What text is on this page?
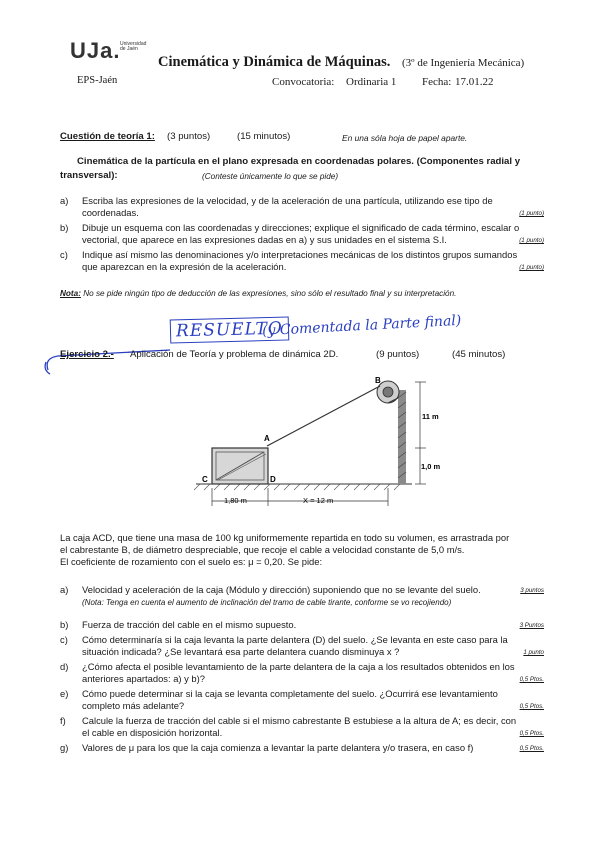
UJa. Universidad
de Jaén
EPS-Jaén
Cinemática y Dinámica de Máquinas. (3º de Ingeniería Mecánica)
Convocatoria: Ordinaria 1 Fecha: 17.01.22
Cuestión de teoría 1: (3 puntos)	(15 minutos)	En una sóla hoja de papel aparte.
Cinemática de la partícula en el plano expresada en coordenadas polares. (Componentes radial y
transversal):	(Conteste únicamente lo que se pide)
a)	Escriba las expresiones de la velocidad, y de la aceleración de una partícula, utilizando ese tipo de
coordenadas.	(1 punto)
b)	Dibuje un esquema con las coordenadas y direcciones; explique el significado de cada término, escalar o
vectorial, que aparece en las expresiones dadas en a) y sus unidades en el sistema S.I.	(1 punto)
c)	Indique así mismo las denominaciones y/o interpretaciones mecánicas de los distintos grupos sumandos
que aparezcan en la expresión de la aceleración.	(1 punto)
Nota: No se pide ningún tipo de deducción de las expresiones, sino sólo el resultado final y su interpretación.
RESUELTO
(y Comentada la Parte final)
Ejercicio 2.- Aplicación de Teoría y problema de dinámica 2D.	(9 puntos)	(45 minutos)
B
A
C	D
11 m
1,0 m
1,80 m	X = 12 m
La caja ACD, que tiene una masa de 100 kg uniformemente repartida en todo su volumen, es arrastrada por
el cabrestante B, de diámetro despreciable, que recoje el cable a velocidad constante de 5,0 m/s.
El coeficiente de rozamiento con el suelo es: μ = 0,20. Se pide:
a)	Velocidad y aceleración de la caja (Módulo y dirección) suponiendo que no se levante del suelo.
(Nota: Tenga en cuenta el aumento de inclinación del tramo de cable tirante, conforme se vo recojiendo)
3 puntos
b)	Fuerza de tracción del cable en el mismo supuesto.	3 Puntos
c)	Cómo determinaría si la caja levanta la parte delantera (D) del suelo. ¿Se levanta en este caso para la
situación indicada? ¿Se levantará esa parte delantera cuando disminuya x ?	1 punto
d)	¿Cómo afecta el posible levantamiento de la parte delantera de la caja a los resultados obtenidos en los
anteriores apartados: a) y b)?	0,5 Ptos.
e)	Cómo puede determinar si la caja se levanta completamente del suelo. ¿Ocurrirá ese levantamiento
completo más adelante?	0,5 Ptos.
f)	Calcule la fuerza de tracción del cable si el mismo cabrestante B estubiese a la altura de A; es decir, con
el cable en disposición horizontal.	0,5 Ptos.
g)	Valores de μ para los que la caja comienza a levantar la parte delantera y/o trasera, en caso f)	0,5 Ptos.
